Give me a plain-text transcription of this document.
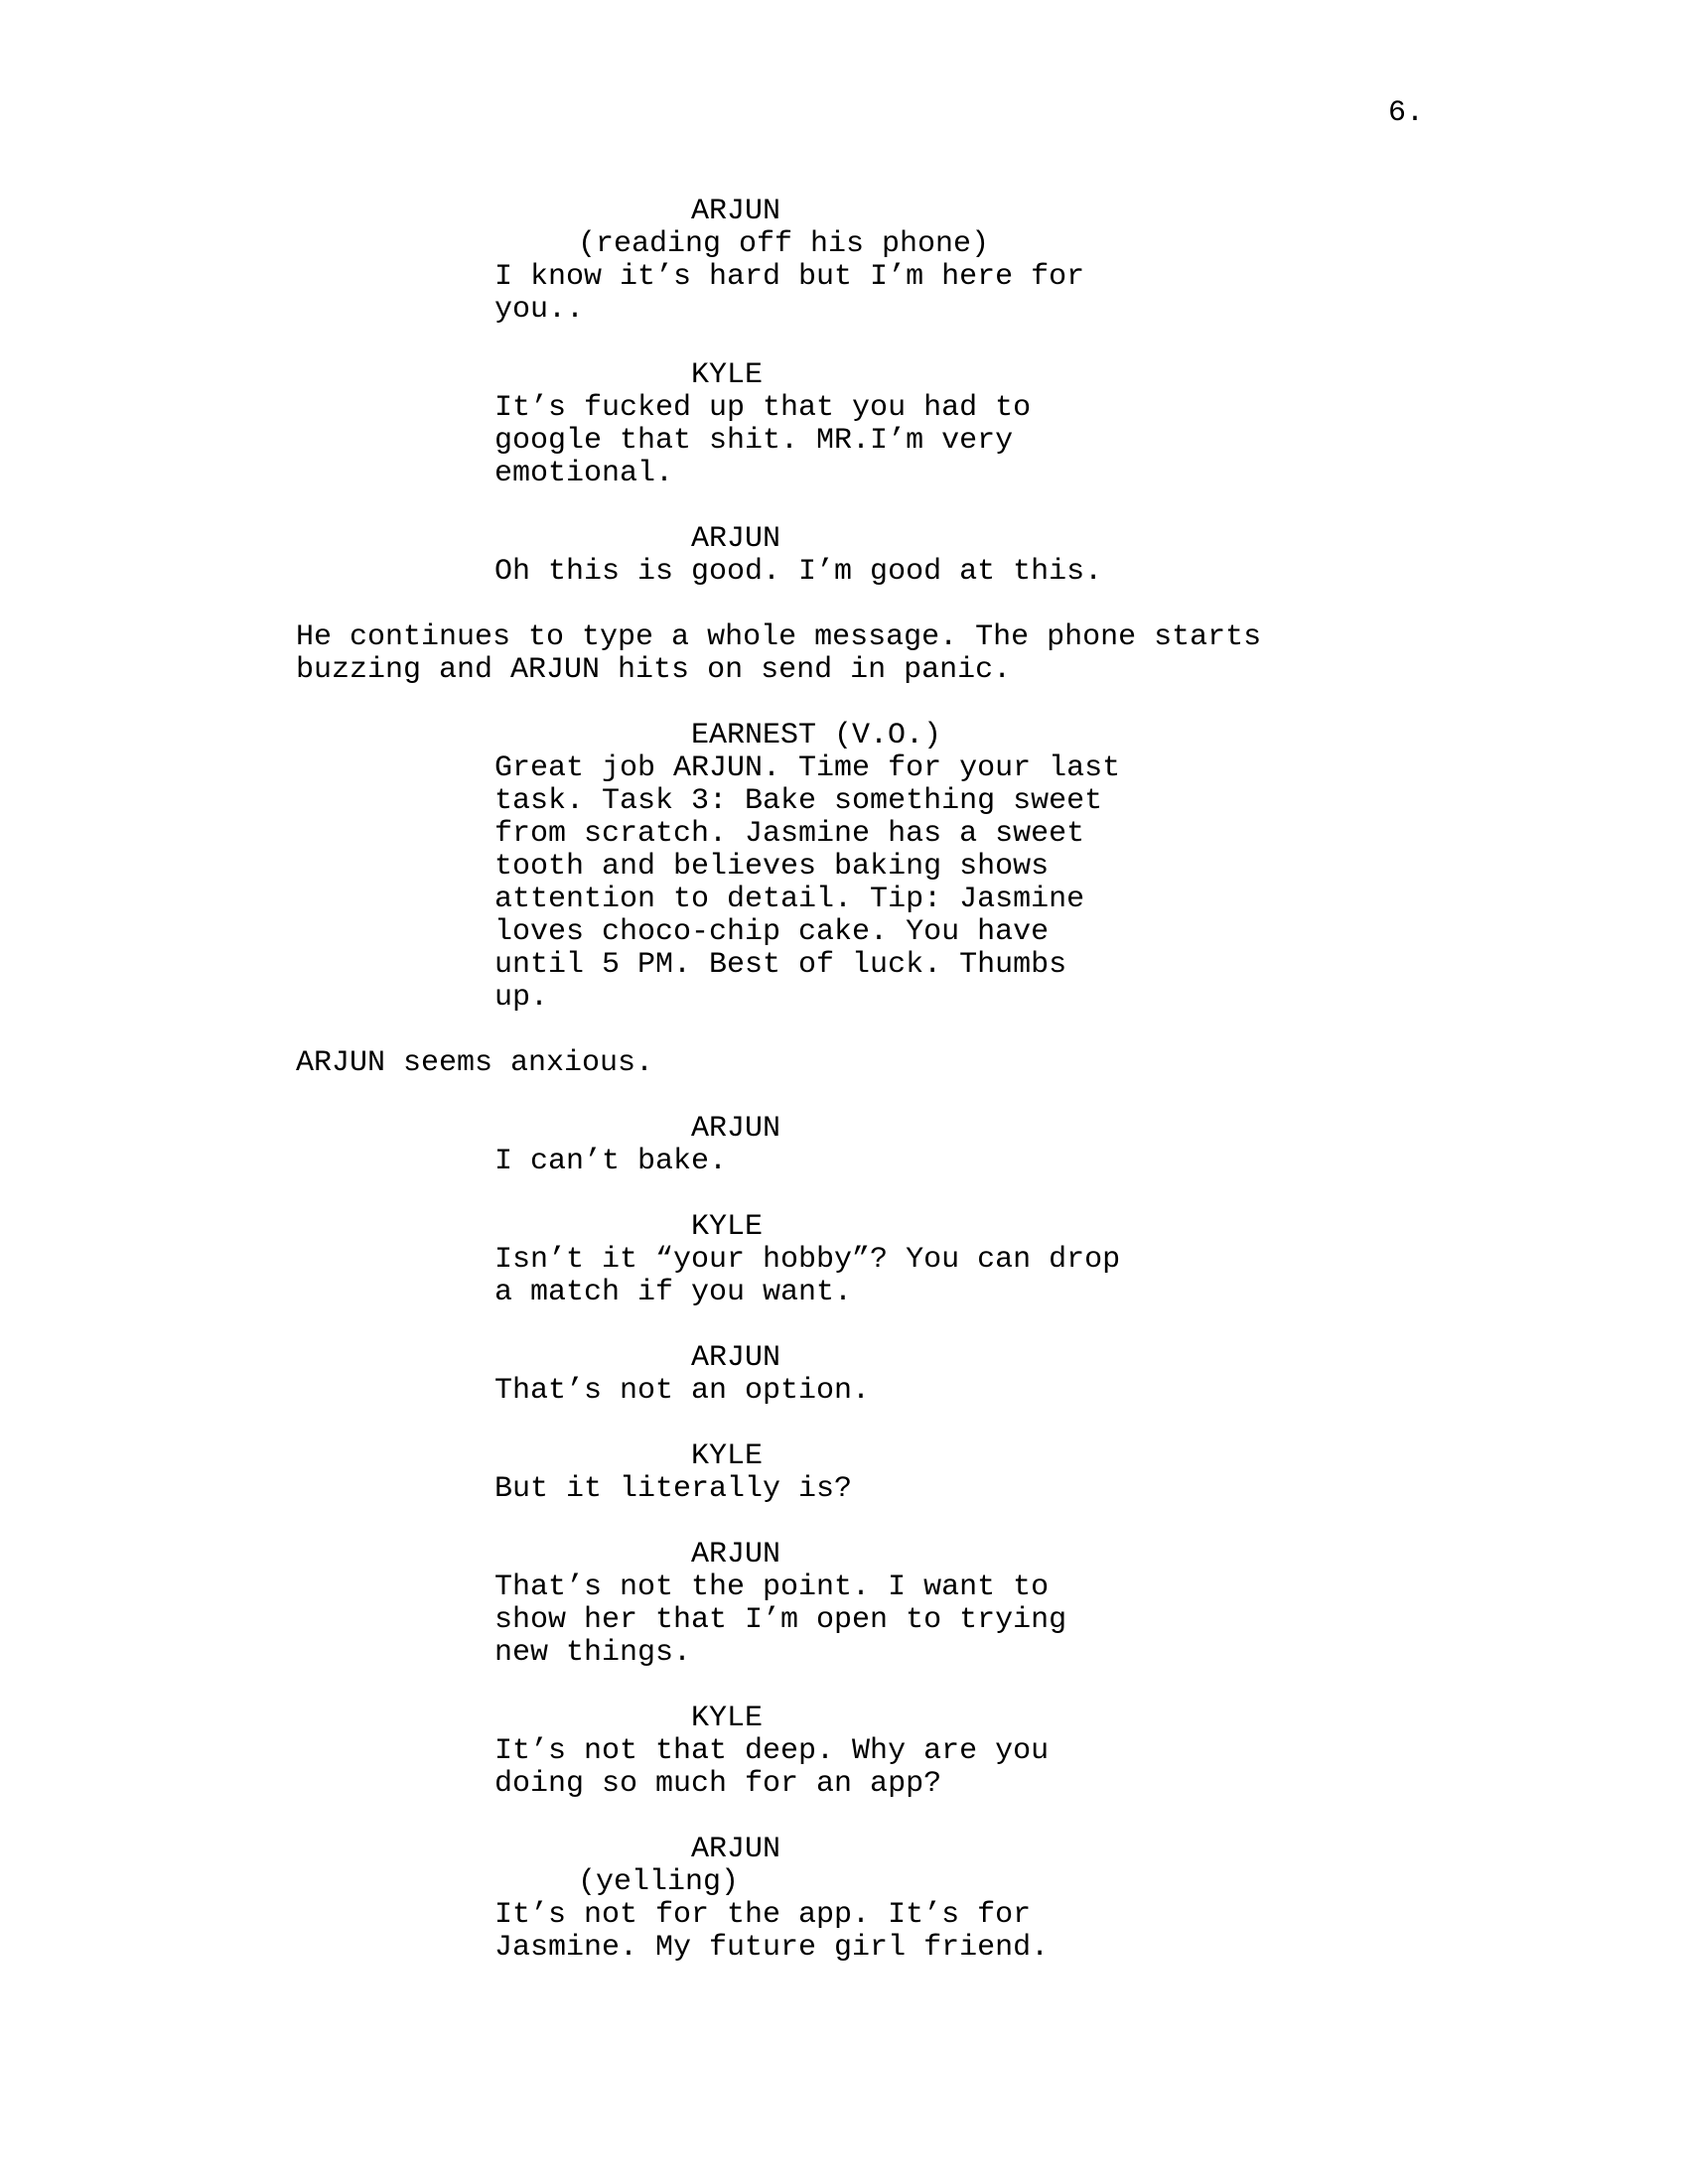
6.
ARJUN
(reading off his phone)
I know it’s hard but I’m here for
you..
KYLE
It’s fucked up that you had to
google that shit. MR.I’m very
emotional.
ARJUN
Oh this is good. I’m good at this.
He continues to type a whole message. The phone starts
buzzing and ARJUN hits on send in panic.
EARNEST (V.O.)
Great job ARJUN. Time for your last
task. Task 3: Bake something sweet
from scratch. Jasmine has a sweet
tooth and believes baking shows
attention to detail. Tip: Jasmine
loves choco-chip cake. You have
until 5 PM. Best of luck. Thumbs
up.
ARJUN seems anxious.
ARJUN
I can’t bake.
KYLE
Isn’t it “your hobby”? You can drop
a match if you want.
ARJUN
That’s not an option.
KYLE
But it literally is?
ARJUN
That’s not the point. I want to
show her that I’m open to trying
new things.
KYLE
It’s not that deep. Why are you
doing so much for an app?
ARJUN
(yelling)
It’s not for the app. It’s for
Jasmine. My future girl friend.
